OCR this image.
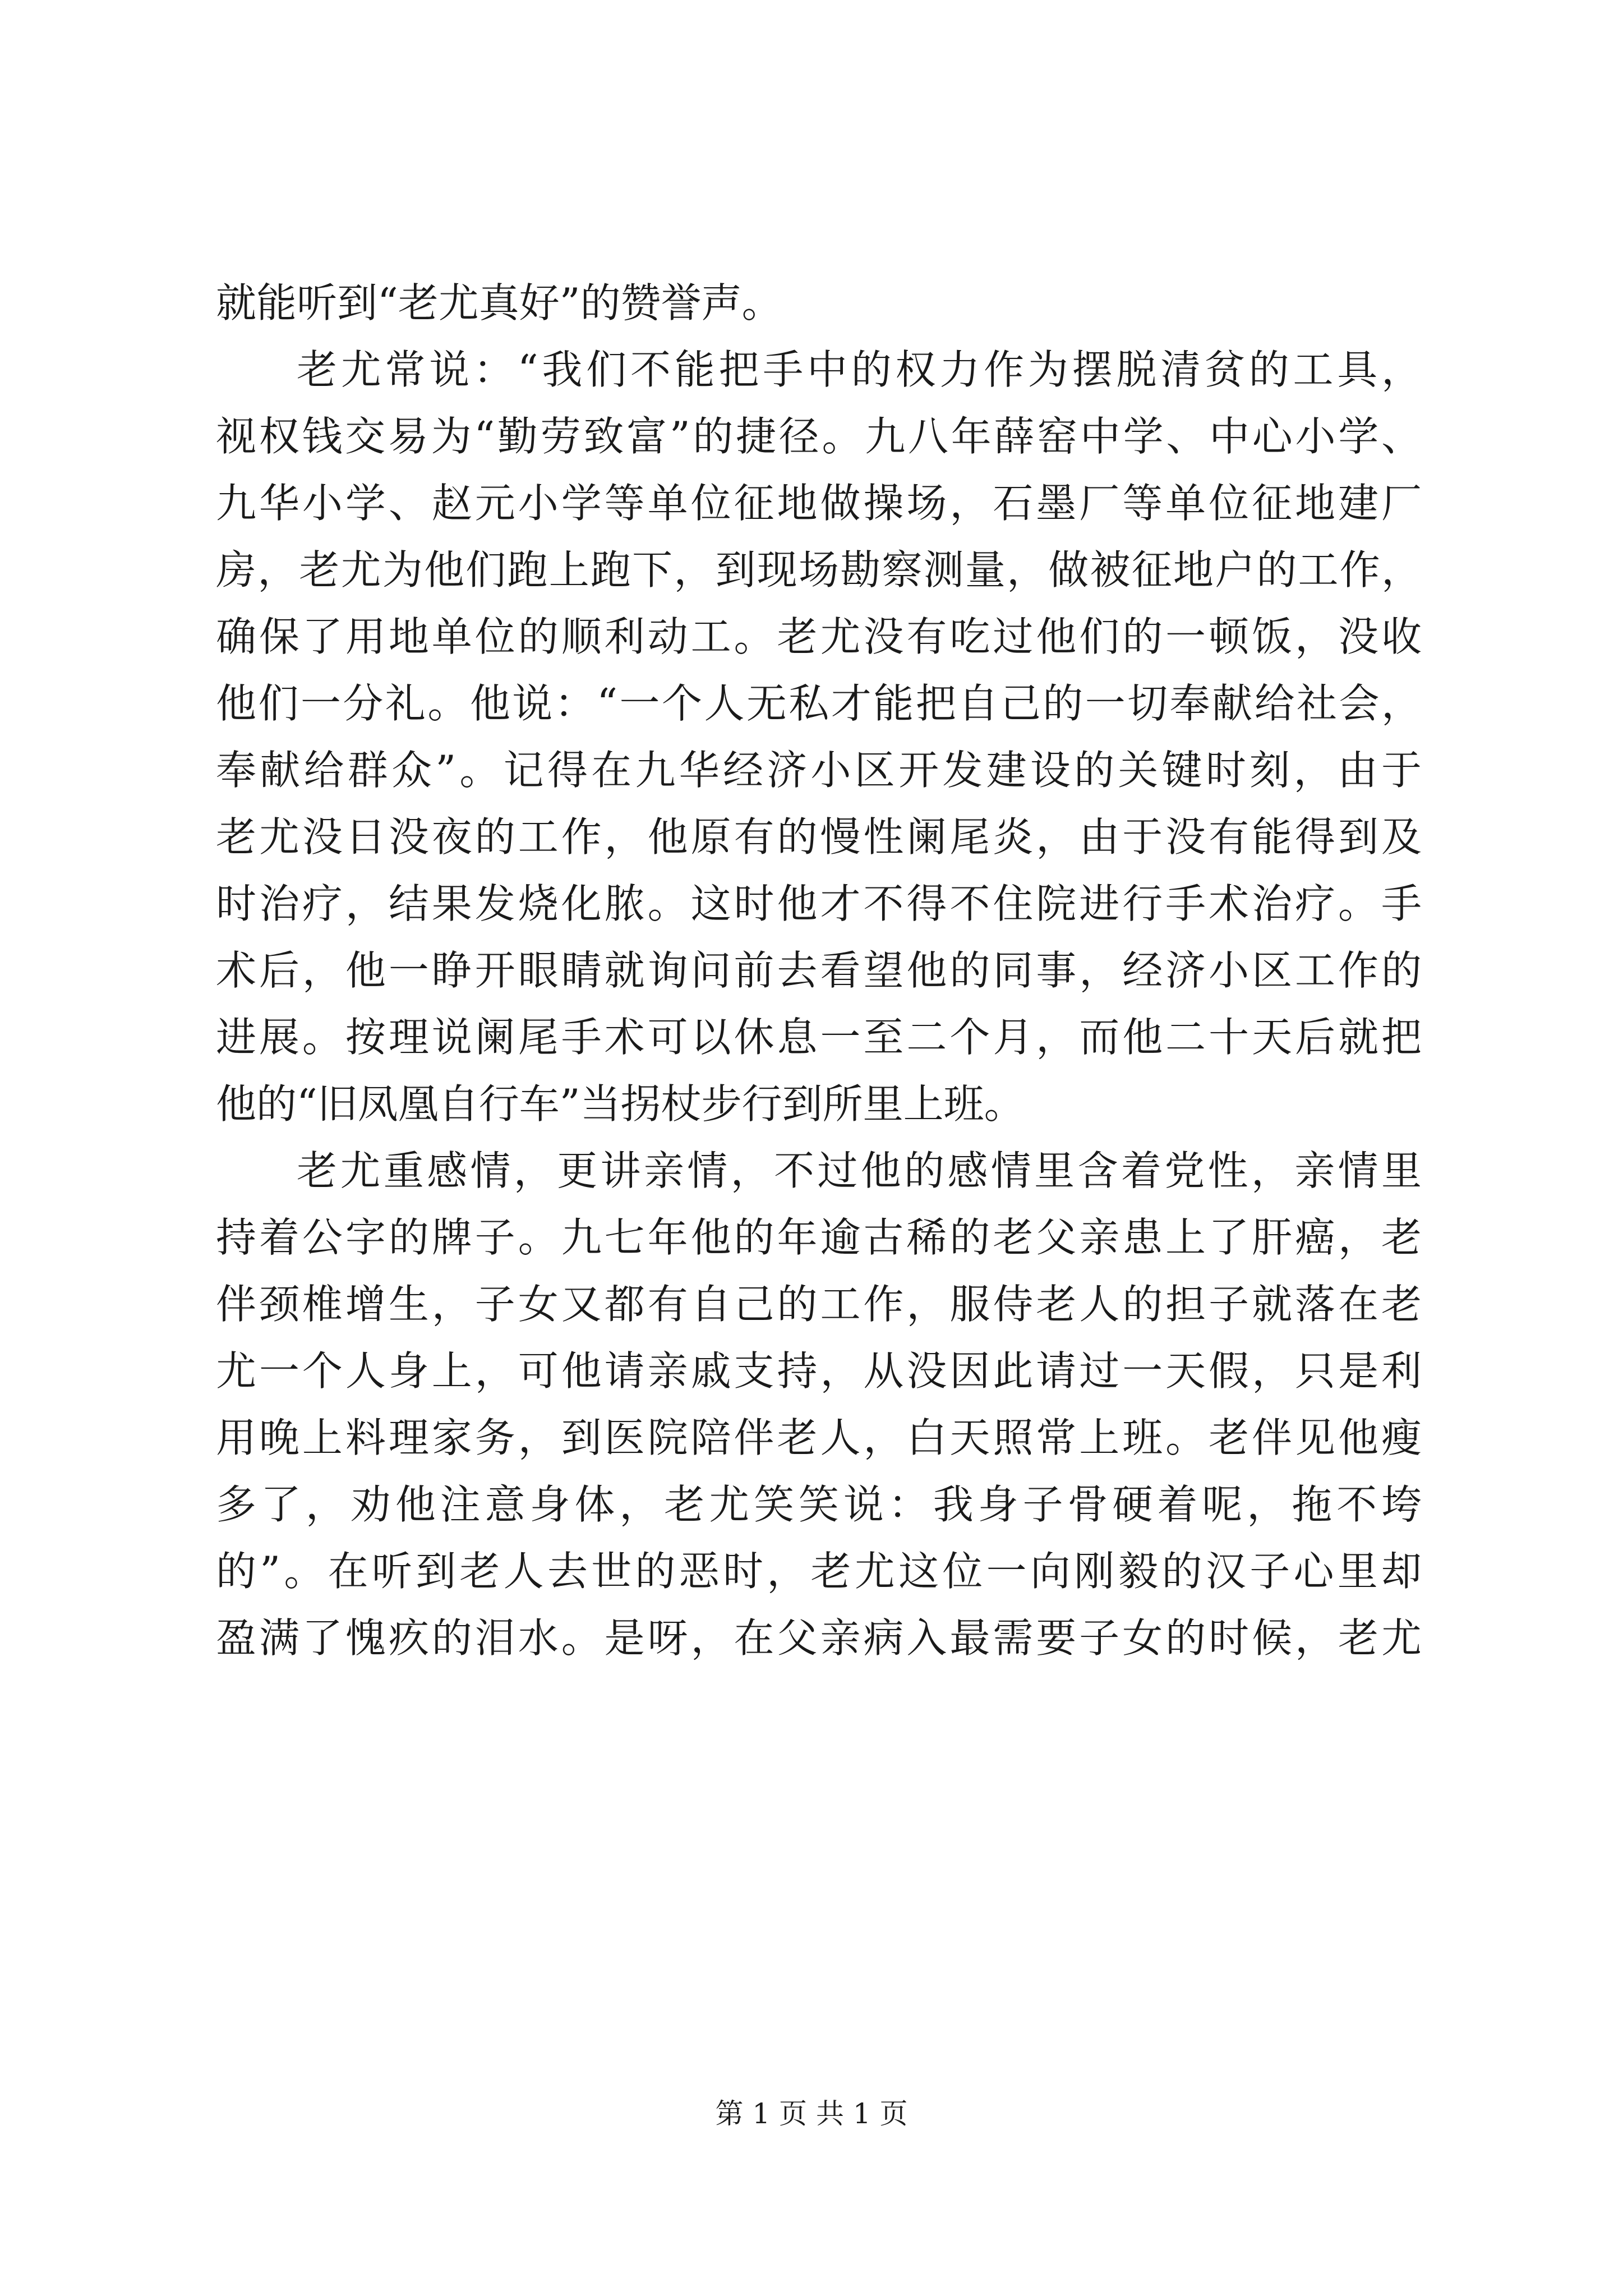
就能听到“老尤真好”的赞誉声。
老尤常说：“我们不能把手中的权力作为摆脱清贫的工具，
视权钱交易为“勤劳致富”的捷径。九八年薛窑中学、中心小学、
九华小学、赵元小学等单位征地做操场，石墨厂等单位征地建厂
房，老尤为他们跑上跑下，到现场勘察测量，做被征地户的工作，
确保了用地单位的顺利动工。老尤没有吃过他们的一顿饭，没收
他们一分礼。他说：“一个人无私才能把自己的一切奉献给社会，
奉献给群众”。记得在九华经济小区开发建设的关键时刻，由于
老尤没日没夜的工作，他原有的慢性阑尾炎，由于没有能得到及
时治疗，结果发烧化脓。这时他才不得不住院进行手术治疗。手
术后，他一睁开眼睛就询问前去看望他的同事，经济小区工作的
进展。按理说阑尾手术可以休息一至二个月，而他二十天后就把
他的“旧凤凰自行车”当拐杖步行到所里上班。
老尤重感情，更讲亲情，不过他的感情里含着党性，亲情里
持着公字的牌子。九七年他的年逾古稀的老父亲患上了肝癌，老
伴颈椎增生，子女又都有自己的工作，服侍老人的担子就落在老
尤一个人身上，可他请亲戚支持，从没因此请过一天假，只是利
用晚上料理家务，到医院陪伴老人，白天照常上班。老伴见他瘦
多了，劝他注意身体，老尤笑笑说：我身子骨硬着呢，拖不垮
的”。在听到老人去世的恶时，老尤这位一向刚毅的汉子心里却
盈满了愧疚的泪水。是呀，在父亲病入最需要子女的时候，老尤
第 1 页 共 1 页
